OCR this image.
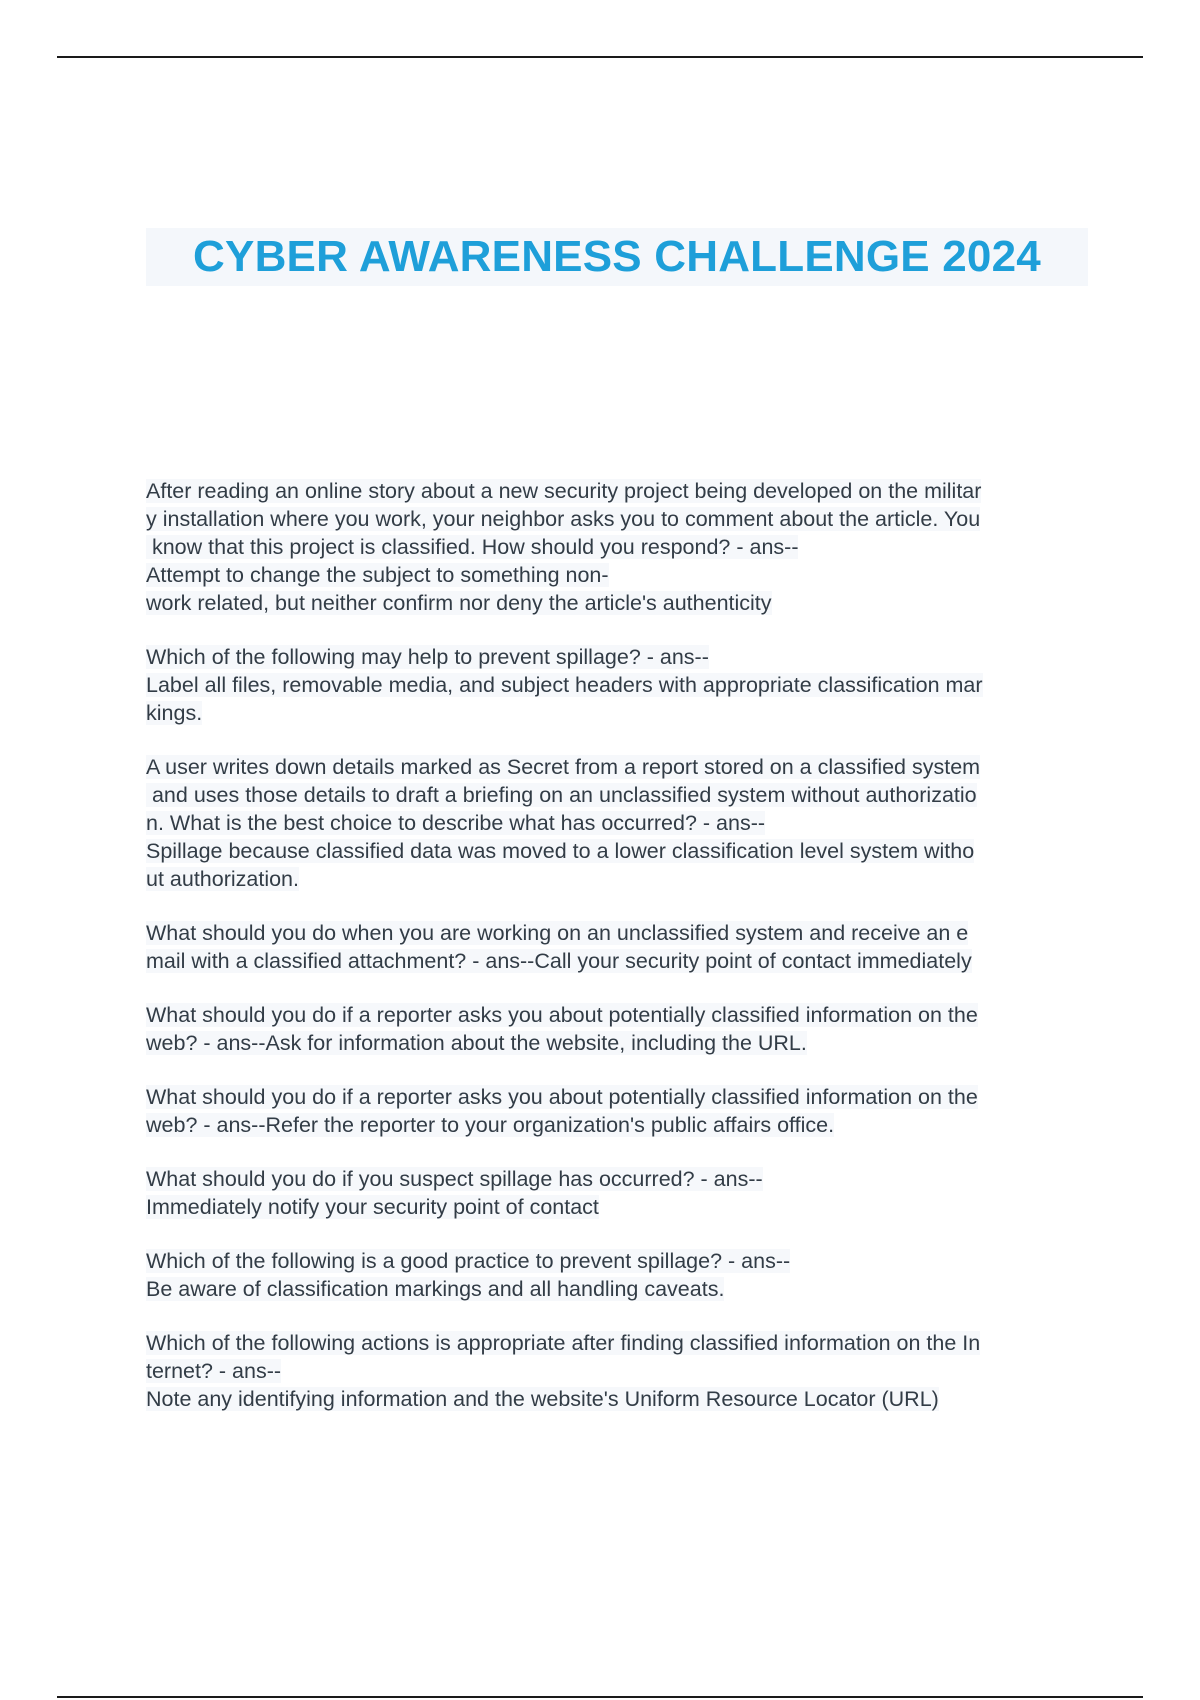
CYBER AWARENESS CHALLENGE 2024
After reading an online story about a new security project being developed on the militar
y installation where you work, your neighbor asks you to comment about the article. You
know that this project is classified. How should you respond? - ans--
Attempt to change the subject to something non-
work related, but neither confirm nor deny the article's authenticity
Which of the following may help to prevent spillage? - ans--
Label all files, removable media, and subject headers with appropriate classification mar
kings.
A user writes down details marked as Secret from a report stored on a classified system
and uses those details to draft a briefing on an unclassified system without authorizatio
n. What is the best choice to describe what has occurred? - ans--
Spillage because classified data was moved to a lower classification level system witho
ut authorization.
What should you do when you are working on an unclassified system and receive an e
mail with a classified attachment? - ans--Call your security point of contact immediately
What should you do if a reporter asks you about potentially classified information on the
web? - ans--Ask for information about the website, including the URL.
What should you do if a reporter asks you about potentially classified information on the
web? - ans--Refer the reporter to your organization's public affairs office.
What should you do if you suspect spillage has occurred? - ans--
Immediately notify your security point of contact
Which of the following is a good practice to prevent spillage? - ans--
Be aware of classification markings and all handling caveats.
Which of the following actions is appropriate after finding classified information on the In
ternet? - ans--
Note any identifying information and the website's Uniform Resource Locator (URL)
